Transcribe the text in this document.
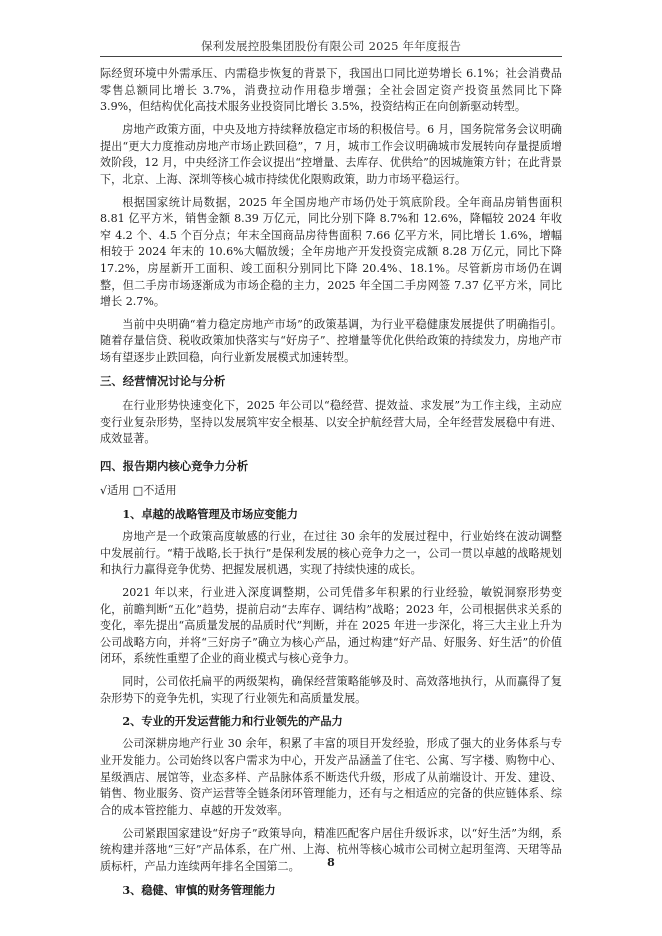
保利发展控股集团股份有限公司 2025 年年度报告

际经贸环境中外需承压、内需稳步恢复的背景下，我国出口同比逆势增长 6.1%；社会消费品零售总额同比增长 3.7%，消费拉动作用稳步增强；全社会固定资产投资虽然同比下降 3.9%，但结构优化高技术服务业投资同比增长 3.5%，投资结构正在向创新驱动转型。

房地产政策方面，中央及地方持续释放稳定市场的积极信号。6 月，国务院常务会议明确提出“更大力度推动房地产市场止跌回稳”，7 月，城市工作会议明确城市发展转向存量提质增效阶段，12 月，中央经济工作会议提出“控增量、去库存、优供给”的因城施策方针；在此背景下，北京、上海、深圳等核心城市持续优化限购政策，助力市场平稳运行。

根据国家统计局数据，2025 年全国房地产市场仍处于筑底阶段。全年商品房销售面积 8.81 亿平方米，销售金额 8.39 万亿元，同比分别下降 8.7%和 12.6%，降幅较 2024 年收窄 4.2 个、4.5 个百分点；年末全国商品房待售面积 7.66 亿平方米，同比增长 1.6%，增幅相较于 2024 年末的 10.6%大幅放缓；全年房地产开发投资完成额 8.28 万亿元，同比下降 17.2%，房屋新开工面积、竣工面积分别同比下降 20.4%、18.1%。尽管新房市场仍在调整，但二手房市场逐渐成为市场企稳的主力，2025 年全国二手房网签 7.37 亿平方米，同比增长 2.7%。

当前中央明确“着力稳定房地产市场”的政策基调，为行业平稳健康发展提供了明确指引。随着存量信贷、税收政策加快落实与“好房子”、控增量等优化供给政策的持续发力，房地产市场有望逐步止跌回稳，向行业新发展模式加速转型。

三、经营情况讨论与分析

在行业形势快速变化下，2025 年公司以“稳经营、提效益、求发展”为工作主线，主动应变行业复杂形势，坚持以发展筑牢安全根基、以安全护航经营大局，全年经营发展稳中有进、成效显著。

四、报告期内核心竞争力分析

√适用 □不适用

1、卓越的战略管理及市场应变能力

房地产是一个政策高度敏感的行业，在过往 30 余年的发展过程中，行业始终在波动调整中发展前行。“精于战略,长于执行”是保利发展的核心竞争力之一，公司一贯以卓越的战略规划和执行力赢得竞争优势、把握发展机遇，实现了持续快速的成长。

2021 年以来，行业进入深度调整期，公司凭借多年积累的行业经验，敏锐洞察形势变化，前瞻判断“五化”趋势，提前启动“去库存、调结构”战略；2023 年，公司根据供求关系的变化，率先提出“高质量发展的品质时代”判断，并在 2025 年进一步深化，将三大主业上升为公司战略方向，并将“三好房子”确立为核心产品，通过构建“好产品、好服务、好生活”的价值闭环，系统性重塑了企业的商业模式与核心竞争力。

同时，公司依托扁平的两级架构，确保经营策略能够及时、高效落地执行，从而赢得了复杂形势下的竞争先机，实现了行业领先和高质量发展。

2、专业的开发运营能力和行业领先的产品力

公司深耕房地产行业 30 余年，积累了丰富的项目开发经验，形成了强大的业务体系与专业开发能力。公司始终以客户需求为中心，开发产品涵盖了住宅、公寓、写字楼、购物中心、星级酒店、展馆等，业态多样、产品脉体系不断迭代升级，形成了从前端设计、开发、建设、销售、物业服务、资产运营等全链条闭环管理能力，还有与之相适应的完备的供应链体系、综合的成本管控能力、卓越的开发效率。

公司紧跟国家建设“好房子”政策导向，精准匹配客户居住升级诉求，以“好生活”为纲，系统构建并落地“三好”产品体系，在广州、上海、杭州等核心城市公司树立起玥玺湾、天珺等品质标杆，产品力连续两年排名全国第二。

3、稳健、审慎的财务管理能力

8
